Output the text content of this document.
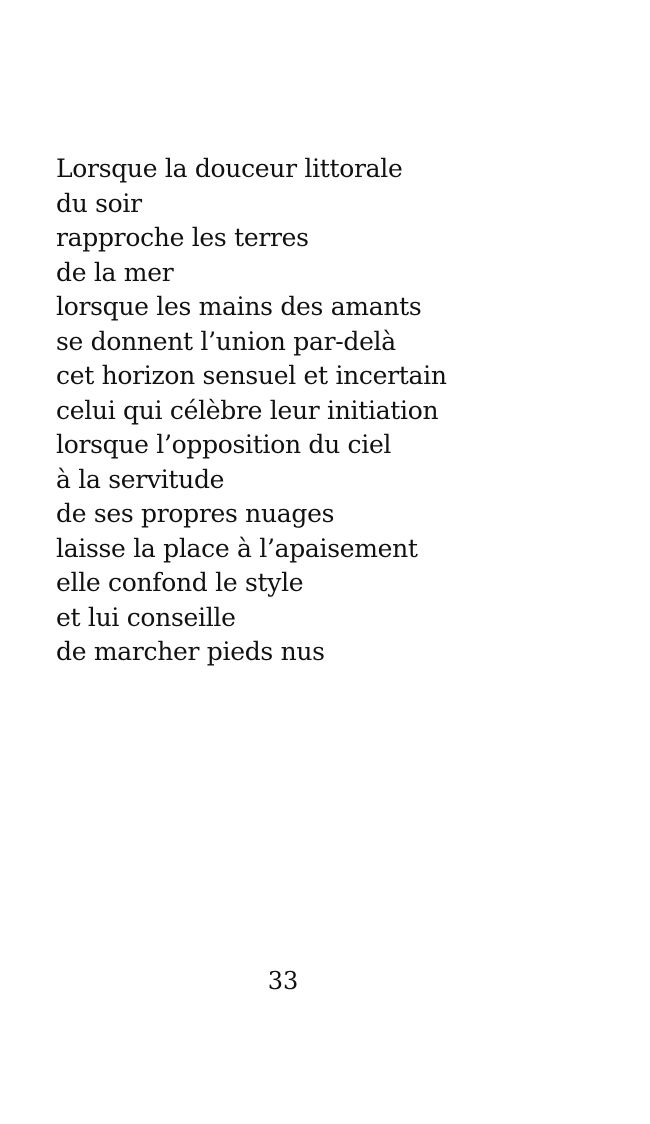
Lorsque la douceur littorale
du soir
rapproche les terres
de la mer
lorsque les mains des amants
se donnent l’union par-delà
cet horizon sensuel et incertain
celui qui célèbre leur initiation
lorsque l’opposition du ciel
à la servitude
de ses propres nuages
laisse la place à l’apaisement
elle confond le style
et lui conseille
de marcher pieds nus
33
